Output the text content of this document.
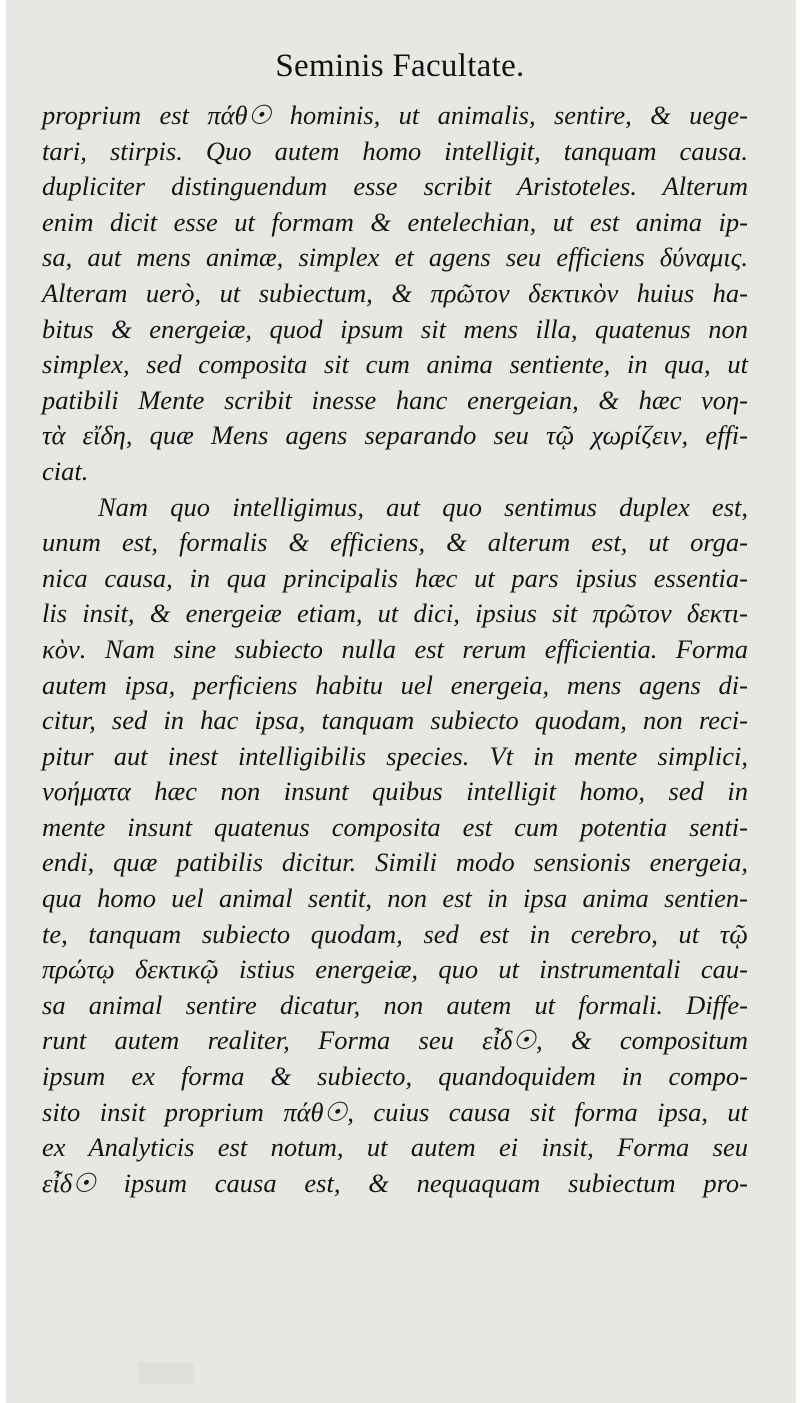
Seminis Facultate.
proprium est πάθ☉ hominis, ut animalis, sentire, & uege-
tari, stirpis. Quo autem homo intelligit, tanquam causa.
dupliciter distinguendum esse scribit Aristoteles. Alterum
enim dicit esse ut formam & entelechian, ut est anima ip-
sa, aut mens animæ, simplex et agens seu efficiens δύναμις.
Alteram uerò, ut subiectum, & πρῶτον δεκτικὸν huius ha-
bitus & energeiæ, quod ipsum sit mens illa, quatenus non
simplex, sed composita sit cum anima sentiente, in qua, ut
patibili Mente scribit inesse hanc energeian, & hæc νοη-
τὰ εἴδη, quæ Mens agens separando seu τῷ χωρίζειν, effi-
ciat.
Nam quo intelligimus, aut quo sentimus duplex est,
unum est, formalis & efficiens, & alterum est, ut orga-
nica causa, in qua principalis hæc ut pars ipsius essentia-
lis insit, & energeiæ etiam, ut dici, ipsius sit πρῶτον δεκτι-
κὸν. Nam sine subiecto nulla est rerum efficientia. Forma
autem ipsa, perficiens habitu uel energeia, mens agens di-
citur, sed in hac ipsa, tanquam subiecto quodam, non reci-
pitur aut inest intelligibilis species. Vt in mente simplici,
νοήματα hæc non insunt quibus intelligit homo, sed in
mente insunt quatenus composita est cum potentia senti-
endi, quæ patibilis dicitur. Simili modo sensionis energeia,
qua homo uel animal sentit, non est in ipsa anima sentien-
te, tanquam subiecto quodam, sed est in cerebro, ut τῷ
πρώτῳ δεκτικῷ istius energeiæ, quo ut instrumentali cau-
sa animal sentire dicatur, non autem ut formali. Diffe-
runt autem realiter, Forma seu εἶδ☉, & compositum
ipsum ex forma & subiecto, quandoquidem in compo-
sito insit proprium πάθ☉, cuius causa sit forma ipsa, ut
ex Analyticis est notum, ut autem ei insit, Forma seu
εἶδ☉ ipsum causa est, & nequaquam subiectum pro-
